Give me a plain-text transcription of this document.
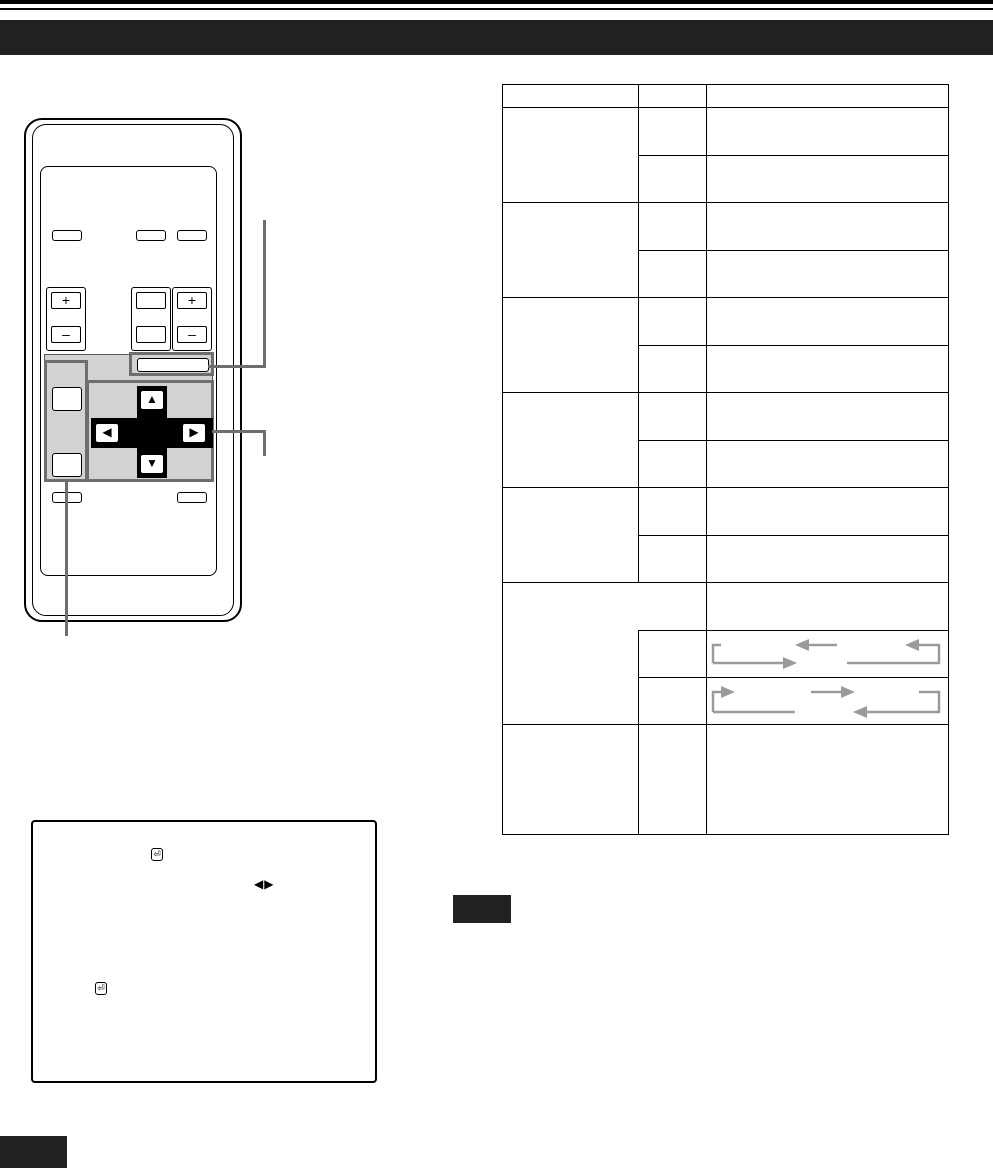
+
–
+
–
▲
▼
◀	▶
⏎
◀▶
⏎
